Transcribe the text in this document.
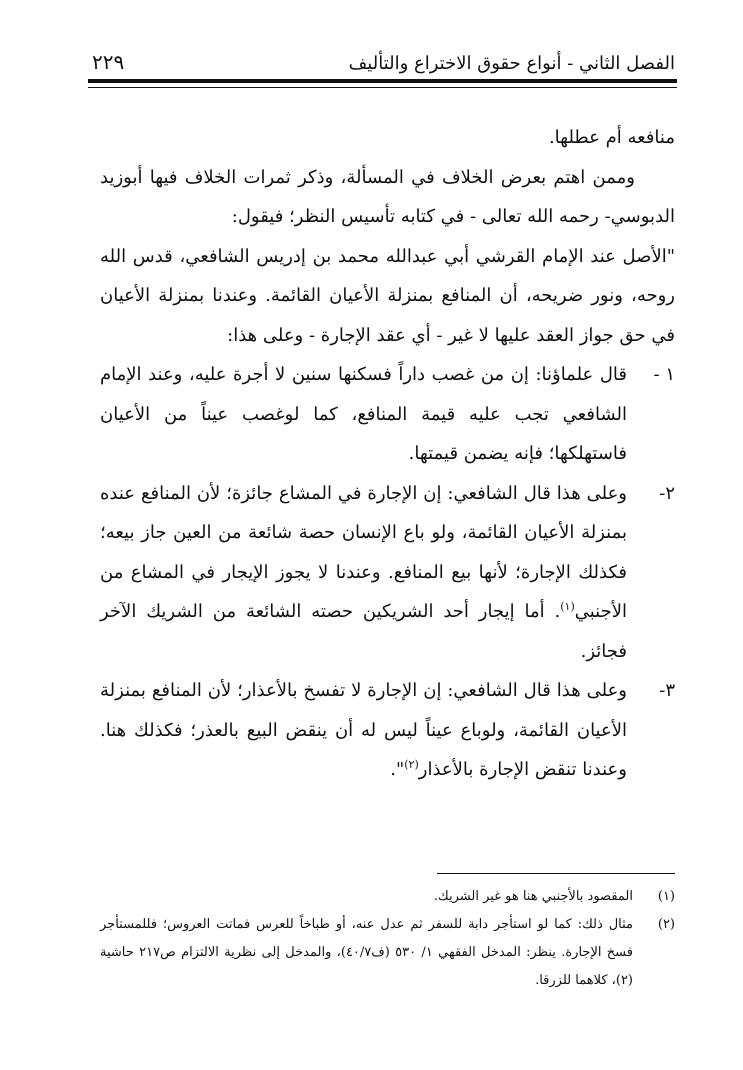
الفصل الثاني - أنواع حقوق الاختراع والتأليف
٢٢٩

منافعه أم عطلها.

وممن اهتم بعرض الخلاف في المسألة، وذكر ثمرات الخلاف فيها أبوزيد الدبوسي- رحمه الله تعالى - في كتابه تأسيس النظر؛ فيقول:

"الأصل عند الإمام القرشي أبي عبدالله محمد بن إدريس الشافعي، قدس الله روحه، ونور ضريحه، أن المنافع بمنزلة الأعيان القائمة. وعندنا بمنزلة الأعيان في حق جواز العقد عليها لا غير - أي عقد الإجارة - وعلى هذا:

١ -
قال علماؤنا: إن من غصب داراً فسكنها سنين لا أجرة عليه، وعند الإمام الشافعي تجب عليه قيمة المنافع، كما لوغصب عيناً من الأعيان فاستهلكها؛ فإنه يضمن قيمتها.
٢-
وعلى هذا قال الشافعي: إن الإجارة في المشاع جائزة؛ لأن المنافع عنده بمنزلة الأعيان القائمة، ولو باع الإنسان حصة شائعة من العين جاز بيعه؛ فكذلك الإجارة؛ لأنها بيع المنافع. وعندنا لا يجوز الإيجار في المشاع من الأجنبي$^{(١)}$. أما إيجار أحد الشريكين حصته الشائعة من الشريك الآخر فجائز.
٣-
وعلى هذا قال الشافعي: إن الإجارة لا تفسخ بالأعذار؛ لأن المنافع بمنزلة الأعيان القائمة، ولوباع عيناً ليس له أن ينقض البيع بالعذر؛ فكذلك هنا. وعندنا تنقض الإجارة بالأعذار$^{(٢)}$".
(١)
المقصود بالأجنبي هنا هو غير الشريك.
(٢)
مثال ذلك: كما لو استأجر دابة للسفر ثم عدل عنه، أو طباخاً للعرس فماتت العروس؛ فللمستأجر فسخ الإجارة. ينظر: المدخل الفقهي ١/ ٥٣٠ (ف٤٠/٧)، والمدخل إلى نظرية الالتزام ص٢١٧ حاشية (٢)، كلاهما للزرقا.
